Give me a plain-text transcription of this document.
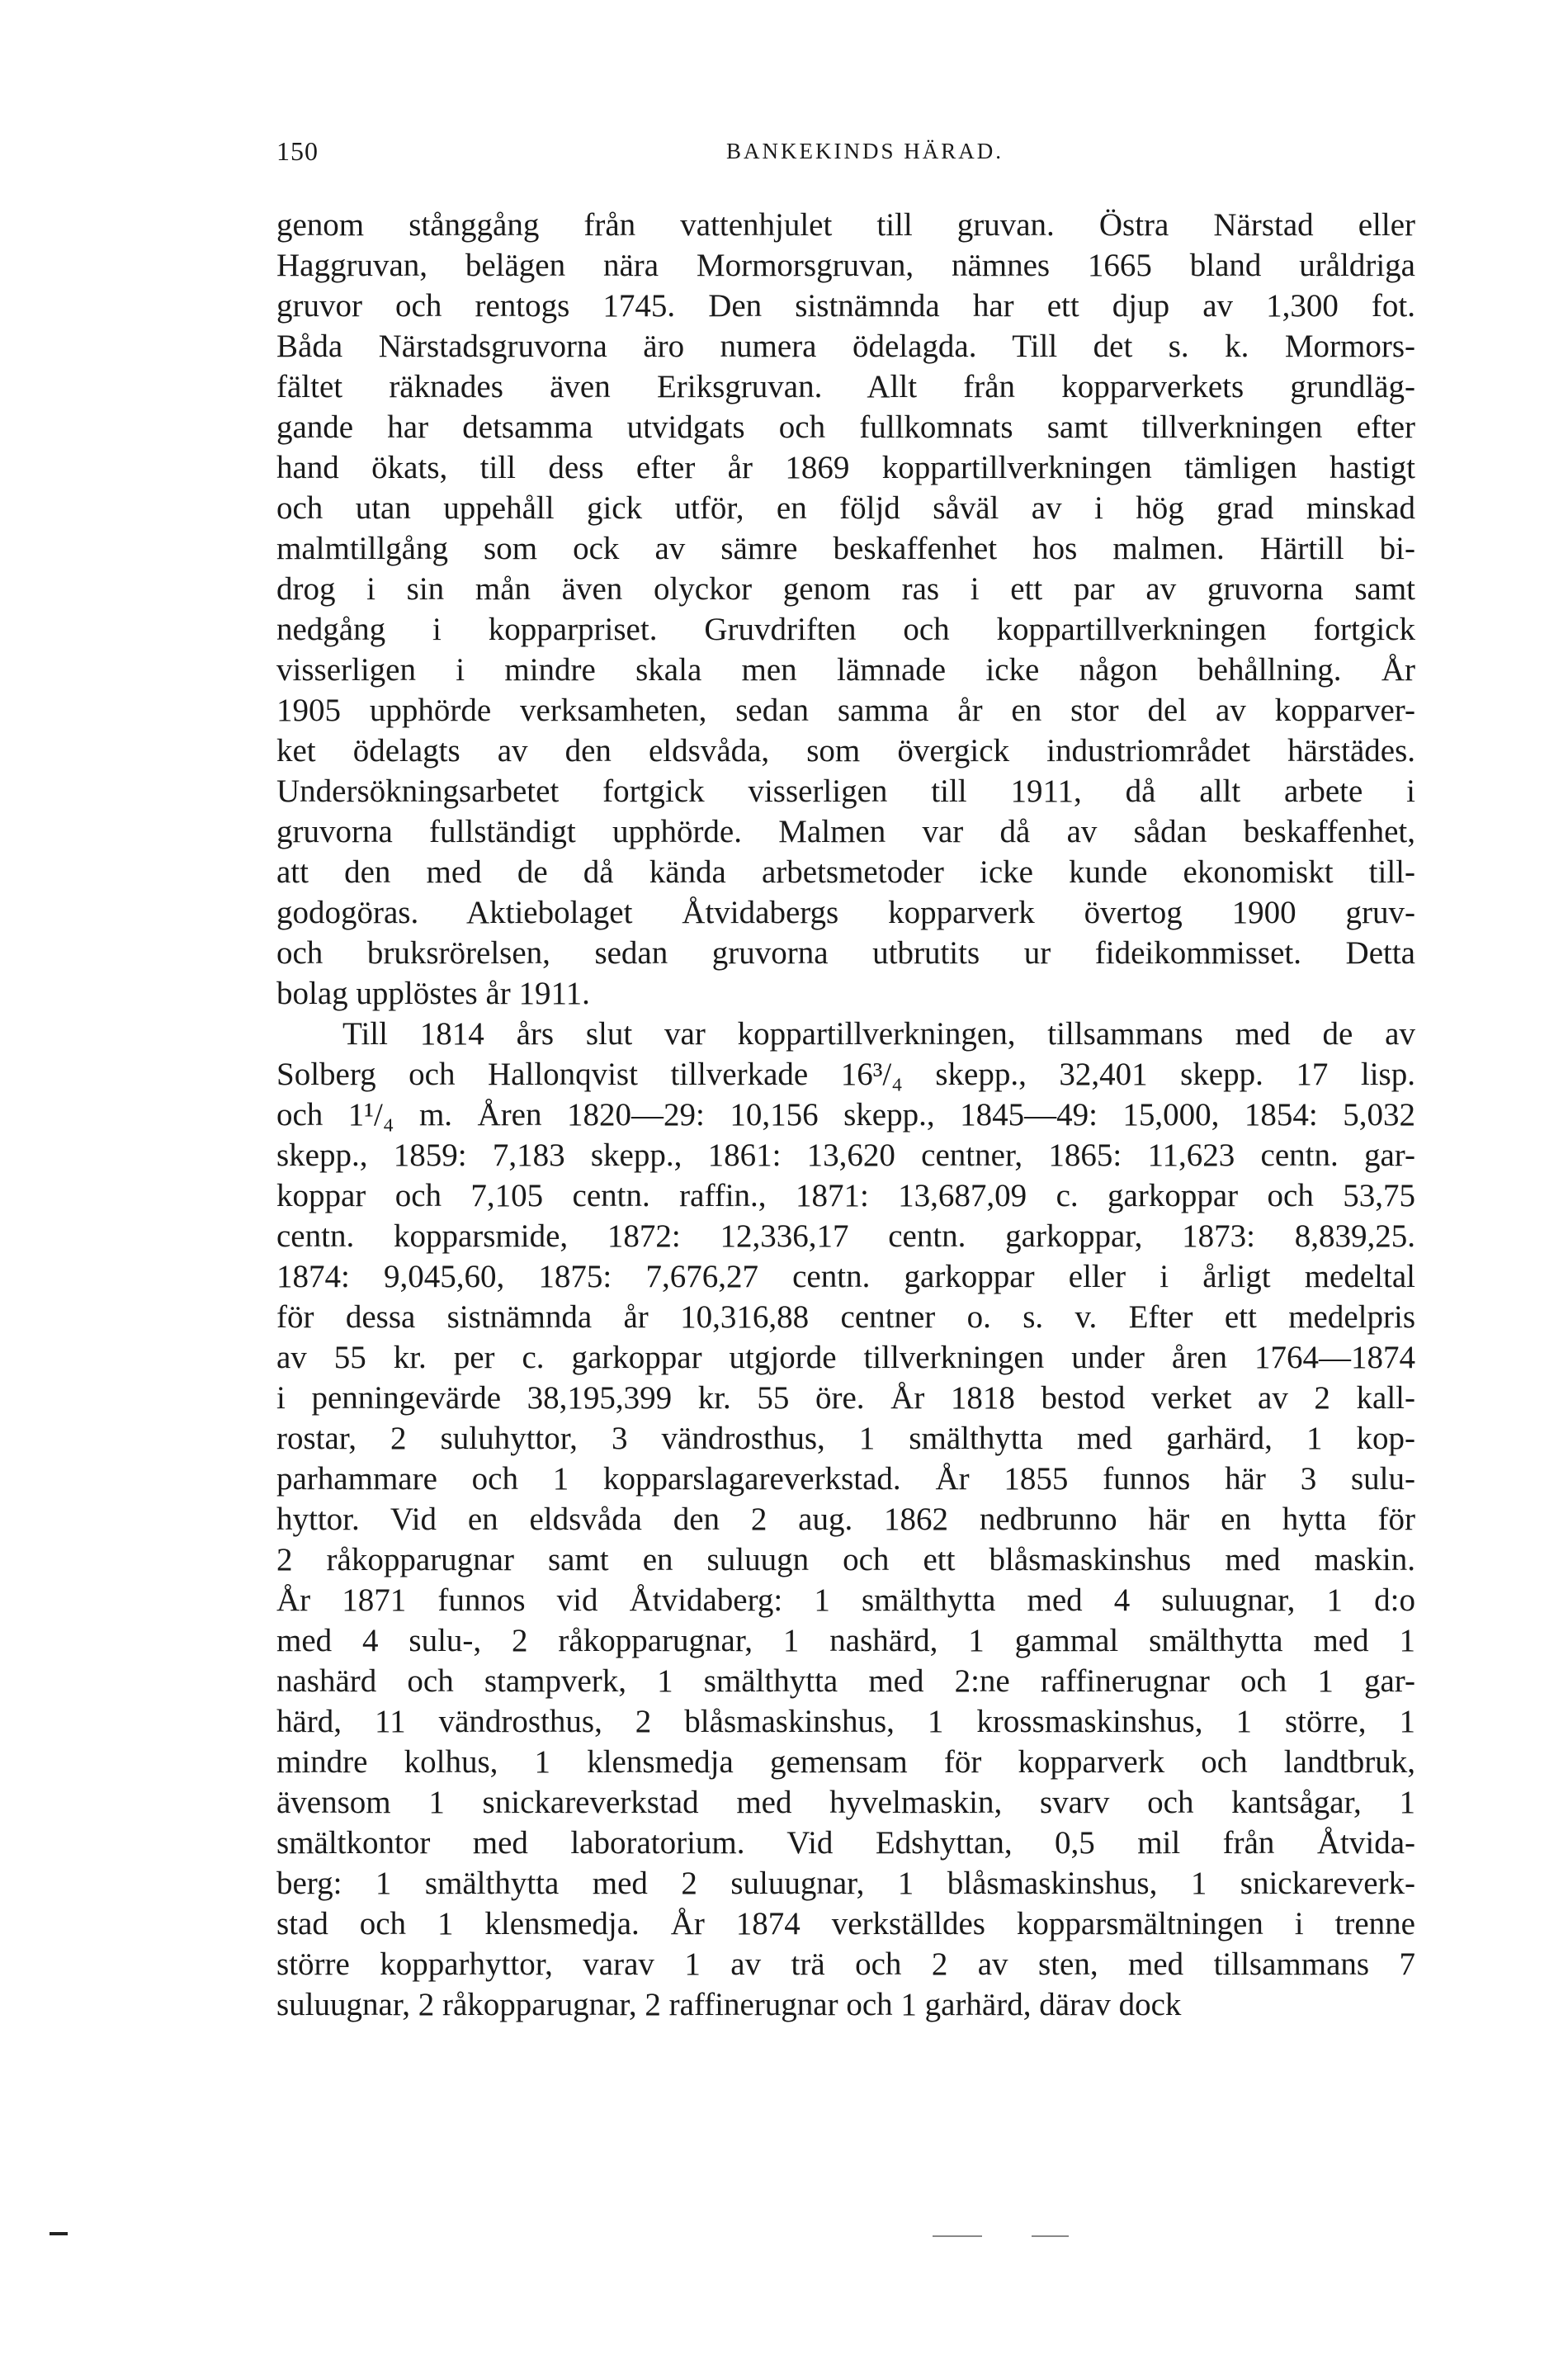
150	BANKEKINDS HÄRAD.
genom stånggång från vattenhjulet till gruvan. Östra Närstad eller
Haggruvan, belägen nära Mormorsgruvan, nämnes 1665 bland uråldriga
gruvor och rentogs 1745. Den sistnämnda har ett djup av 1,300 fot.
Båda Närstadsgruvorna äro numera ödelagda. Till det s. k. Mormors-
fältet räknades även Eriksgruvan. Allt från kopparverkets grundläg-
gande har detsamma utvidgats och fullkomnats samt tillverkningen efter
hand ökats, till dess efter år 1869 koppartillverkningen tämligen hastigt
och utan uppehåll gick utför, en följd såväl av i hög grad minskad
malmtillgång som ock av sämre beskaffenhet hos malmen. Härtill bi-
drog i sin mån även olyckor genom ras i ett par av gruvorna samt
nedgång i kopparpriset. Gruvdriften och koppartillverkningen fortgick
visserligen i mindre skala men lämnade icke någon behållning. År
1905 upphörde verksamheten, sedan samma år en stor del av kopparver-
ket ödelagts av den eldsvåda, som övergick industriområdet härstädes.
Undersökningsarbetet fortgick visserligen till 1911, då allt arbete i
gruvorna fullständigt upphörde. Malmen var då av sådan beskaffenhet,
att den med de då kända arbetsmetoder icke kunde ekonomiskt till-
godogöras. Aktiebolaget Åtvidabergs kopparverk övertog 1900 gruv-
och bruksrörelsen, sedan gruvorna utbrutits ur fideikommisset. Detta
bolag upplöstes år 1911.
Till 1814 års slut var koppartillverkningen, tillsammans med de av
Solberg och Hallonqvist tillverkade 16³/₄ skepp., 32,401 skepp. 17 lisp.
och 1¹/₄ m. Åren 1820—29: 10,156 skepp., 1845—49: 15,000, 1854: 5,032
skepp., 1859: 7,183 skepp., 1861: 13,620 centner, 1865: 11,623 centn. gar-
koppar och 7,105 centn. raffin., 1871: 13,687,09 c. garkoppar och 53,75
centn. kopparsmide, 1872: 12,336,17 centn. garkoppar, 1873: 8,839,25.
1874: 9,045,60, 1875: 7,676,27 centn. garkoppar eller i årligt medeltal
för dessa sistnämnda år 10,316,88 centner o. s. v. Efter ett medelpris
av 55 kr. per c. garkoppar utgjorde tillverkningen under åren 1764—1874
i penningevärde 38,195,399 kr. 55 öre. År 1818 bestod verket av 2 kall-
rostar, 2 suluhyttor, 3 vändrosthus, 1 smälthytta med garhärd, 1 kop-
parhammare och 1 kopparslagareverkstad. År 1855 funnos här 3 sulu-
hyttor. Vid en eldsvåda den 2 aug. 1862 nedbrunno här en hytta för
2 råkopparugnar samt en suluugn och ett blåsmaskinshus med maskin.
År 1871 funnos vid Åtvidaberg: 1 smälthytta med 4 suluugnar, 1 d:o
med 4 sulu-, 2 råkopparugnar, 1 nashärd, 1 gammal smälthytta med 1
nashärd och stampverk, 1 smälthytta med 2:ne raffinerugnar och 1 gar-
härd, 11 vändrosthus, 2 blåsmaskinshus, 1 krossmaskinshus, 1 större, 1
mindre kolhus, 1 klensmedja gemensam för kopparverk och landtbruk,
ävensom 1 snickareverkstad med hyvelmaskin, svarv och kantsågar, 1
smältkontor med laboratorium. Vid Edshyttan, 0,5 mil från Åtvida-
berg: 1 smälthytta med 2 suluugnar, 1 blåsmaskinshus, 1 snickareverk-
stad och 1 klensmedja. År 1874 verkställdes kopparsmältningen i trenne
större kopparhyttor, varav 1 av trä och 2 av sten, med tillsammans 7
suluugnar, 2 råkopparugnar, 2 raffinerugnar och 1 garhärd, därav dock
